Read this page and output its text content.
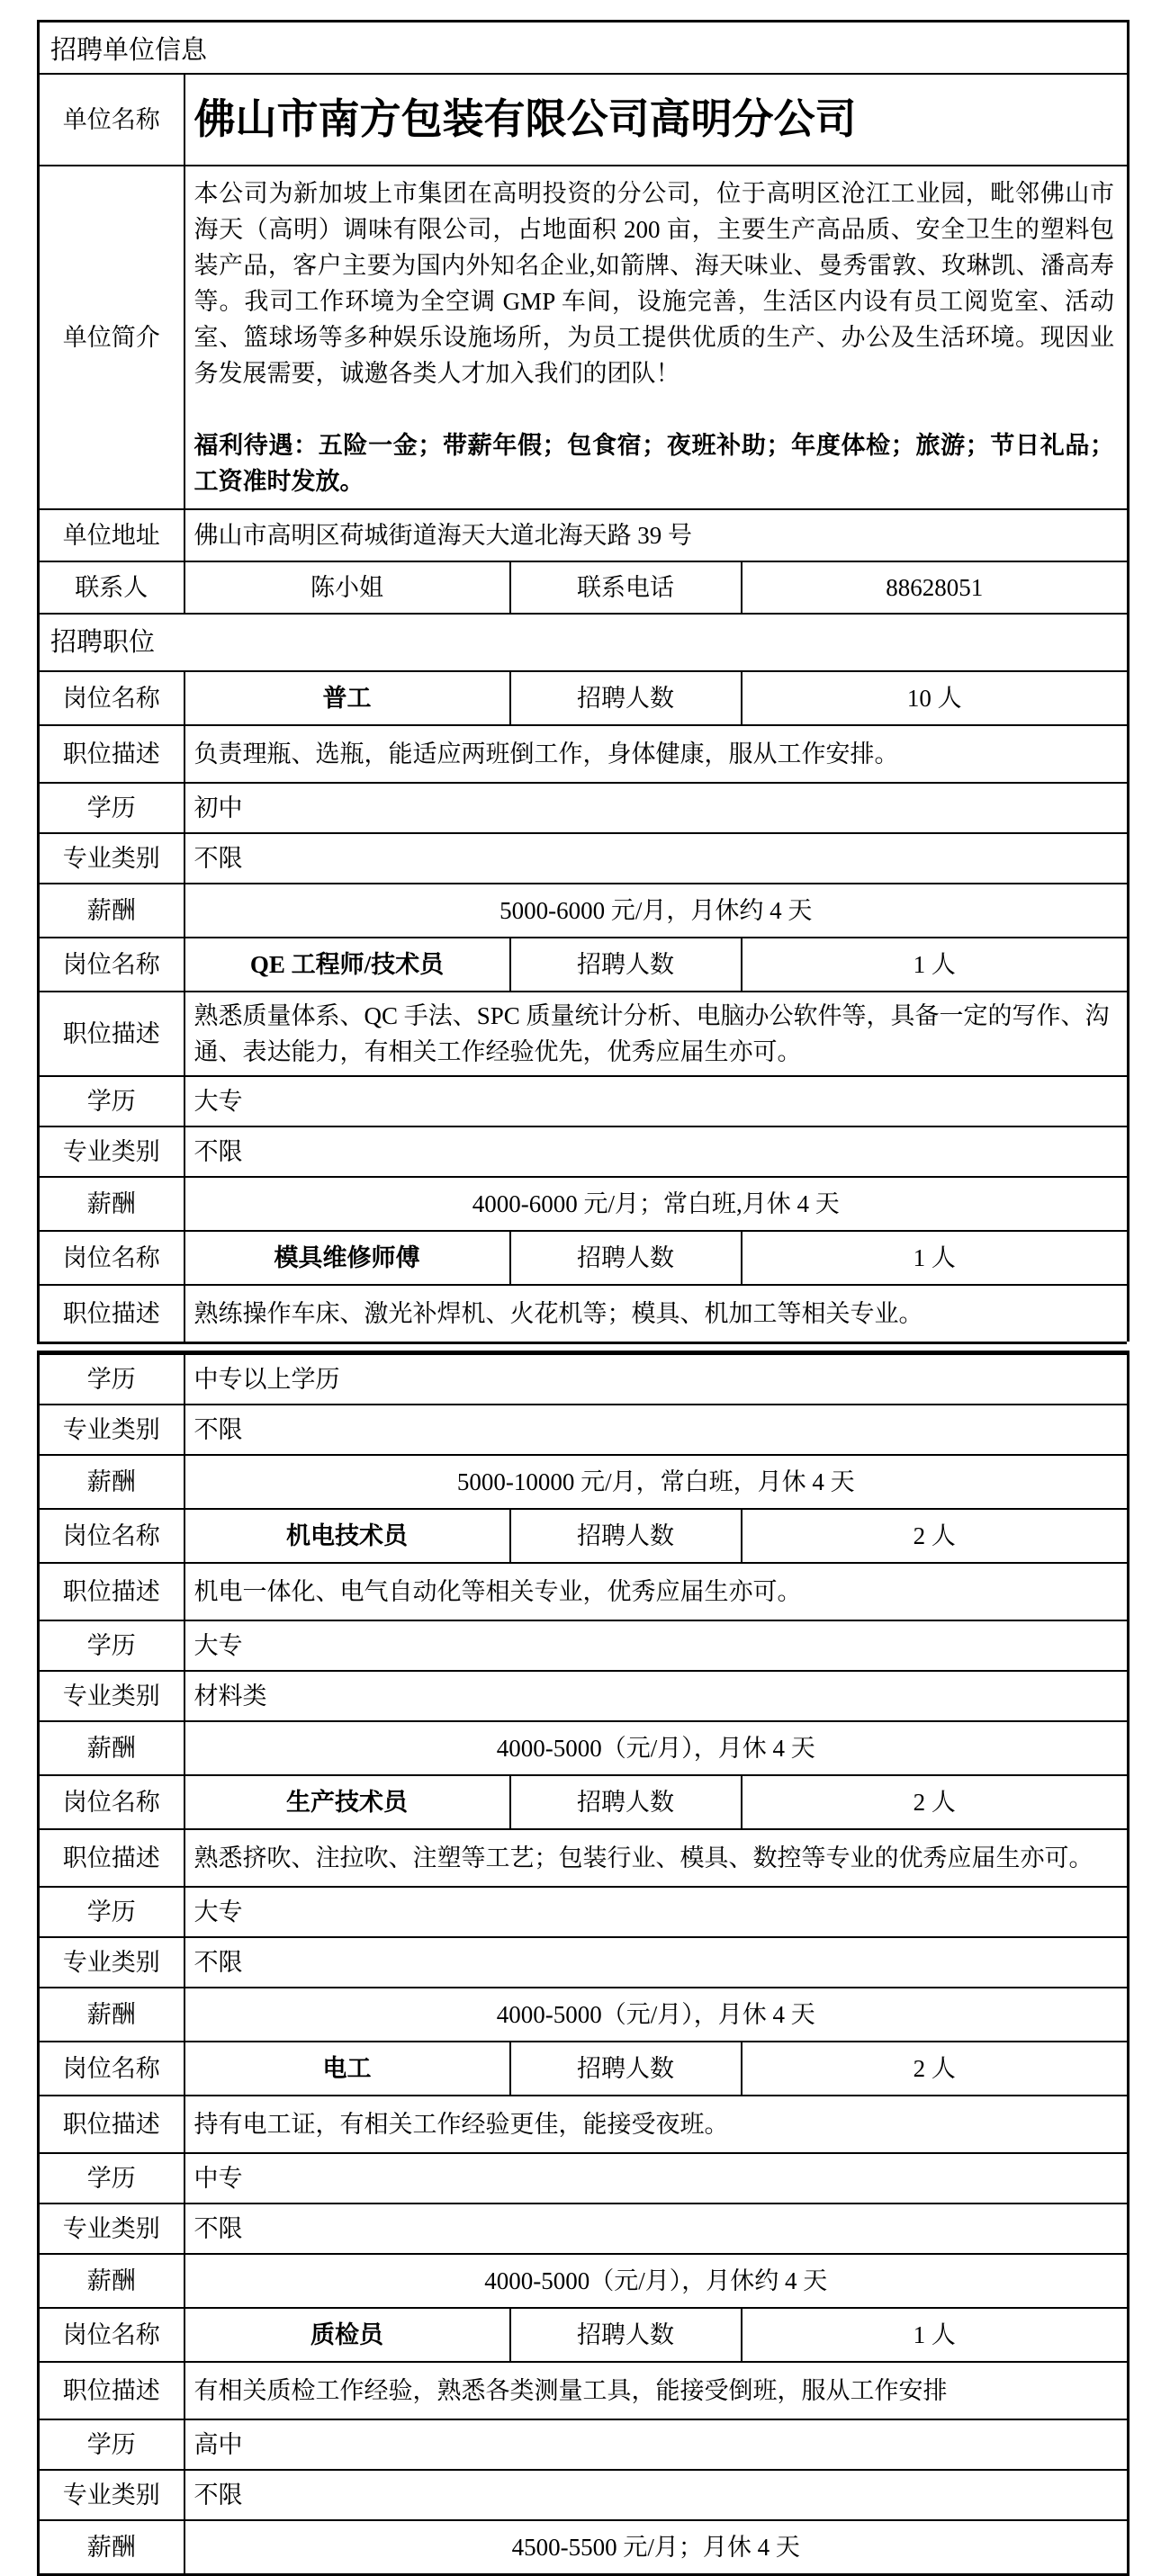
招聘单位信息			
单位名称	佛山市南方包装有限公司高明分公司		
单位简介	本公司为新加坡上市集团在高明投资的分公司，位于高明区沧江工业园，毗邻佛山市海天（高明）调味有限公司，占地面积 200 亩，主要生产高品质、安全卫生的塑料包装产品，客户主要为国内外知名企业,如箭牌、海天味业、曼秀雷敦、玫琳凯、潘高寿等。我司工作环境为全空调 GMP 车间，设施完善，生活区内设有员工阅览室、活动室、篮球场等多种娱乐设施场所，为员工提供优质的生产、办公及生活环境。现因业务发展需要，诚邀各类人才加入我们的团队！

福利待遇：五险一金；带薪年假；包食宿；夜班补助；年度体检；旅游；节日礼品；工资准时发放。		

单位地址	佛山市高明区荷城街道海天大道北海天路 39 号		
联系人	陈小姐	联系电话	88628051
招聘职位			
岗位名称	普工	招聘人数	10 人
职位描述	负责理瓶、选瓶，能适应两班倒工作，身体健康，服从工作安排。		
学历	初中		
专业类别	不限		
薪酬	5000-6000 元/月，月休约 4 天		
岗位名称	QE 工程师/技术员	招聘人数	1 人
职位描述	熟悉质量体系、QC 手法、SPC 质量统计分析、电脑办公软件等，具备一定的写作、沟通、表达能力，有相关工作经验优先，优秀应届生亦可。		
学历	大专		
专业类别	不限		
薪酬	4000-6000 元/月；常白班,月休 4 天		
岗位名称	模具维修师傅	招聘人数	1 人
职位描述	熟练操作车床、激光补焊机、火花机等；模具、机加工等相关专业。		

学历	中专以上学历		
专业类别	不限		
薪酬	5000-10000 元/月，常白班，月休 4 天		
岗位名称	机电技术员	招聘人数	2 人
职位描述	机电一体化、电气自动化等相关专业，优秀应届生亦可。		
学历	大专		
专业类别	材料类		
薪酬	4000-5000（元/月），月休 4 天		
岗位名称	生产技术员	招聘人数	2 人
职位描述	熟悉挤吹、注拉吹、注塑等工艺；包装行业、模具、数控等专业的优秀应届生亦可。		
学历	大专		
专业类别	不限		
薪酬	4000-5000（元/月），月休 4 天		
岗位名称	电工	招聘人数	2 人
职位描述	持有电工证，有相关工作经验更佳，能接受夜班。		
学历	中专		
专业类别	不限		
薪酬	4000-5000（元/月），月休约 4 天		
岗位名称	质检员	招聘人数	1 人
职位描述	有相关质检工作经验，熟悉各类测量工具，能接受倒班，服从工作安排		
学历	高中		
专业类别	不限		
薪酬	4500-5500 元/月；月休 4 天		
